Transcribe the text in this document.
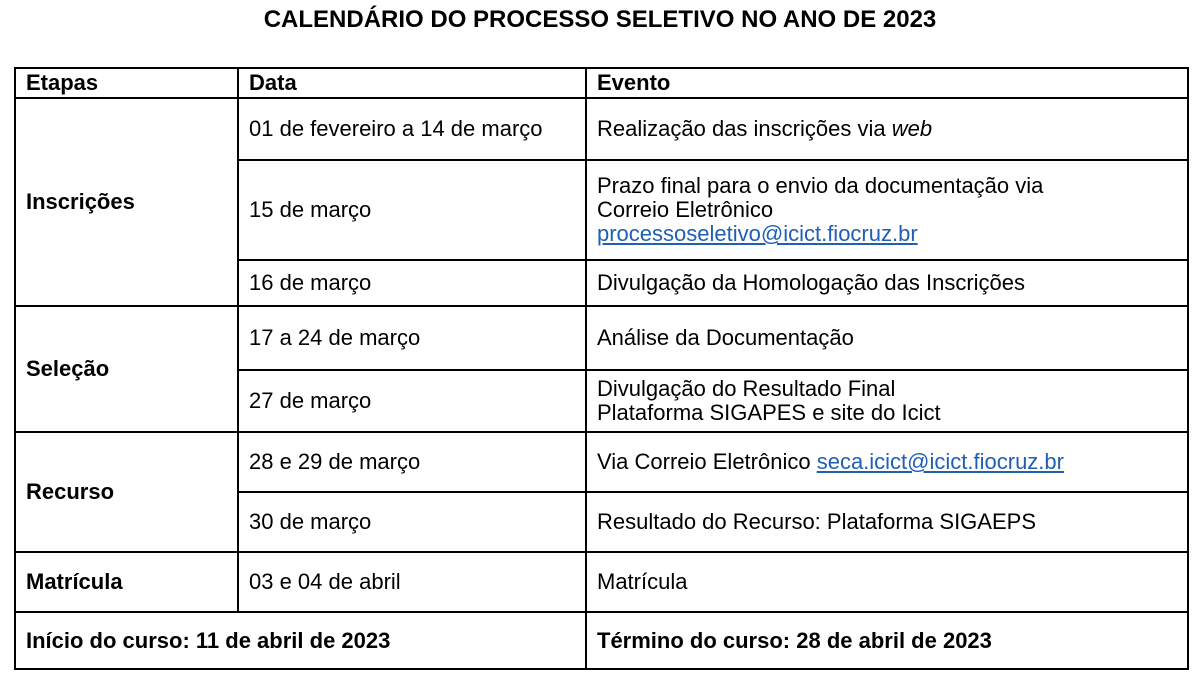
CALENDÁRIO DO PROCESSO SELETIVO NO ANO DE 2023
Etapas	Data	Evento
Inscrições	01 de fevereiro a 14 de março	Realização das inscrições via web
	15 de março	Prazo final para o envio da documentação via
Correio Eletrônico
processoseletivo@icict.fiocruz.br

	16 de março	Divulgação da Homologação das Inscrições
Seleção	17 a 24 de março	Análise da Documentação
	27 de março	Divulgação do Resultado Final
Plataforma SIGAPES e site do Icict

Recurso	28 e 29 de março	Via Correio Eletrônico seca.icict@icict.fiocruz.br
	30 de março	Resultado do Recurso: Plataforma SIGAEPS
Matrícula	03 e 04 de abril	Matrícula
Início do curso: 11 de abril de 2023		Término do curso: 28 de abril de 2023
